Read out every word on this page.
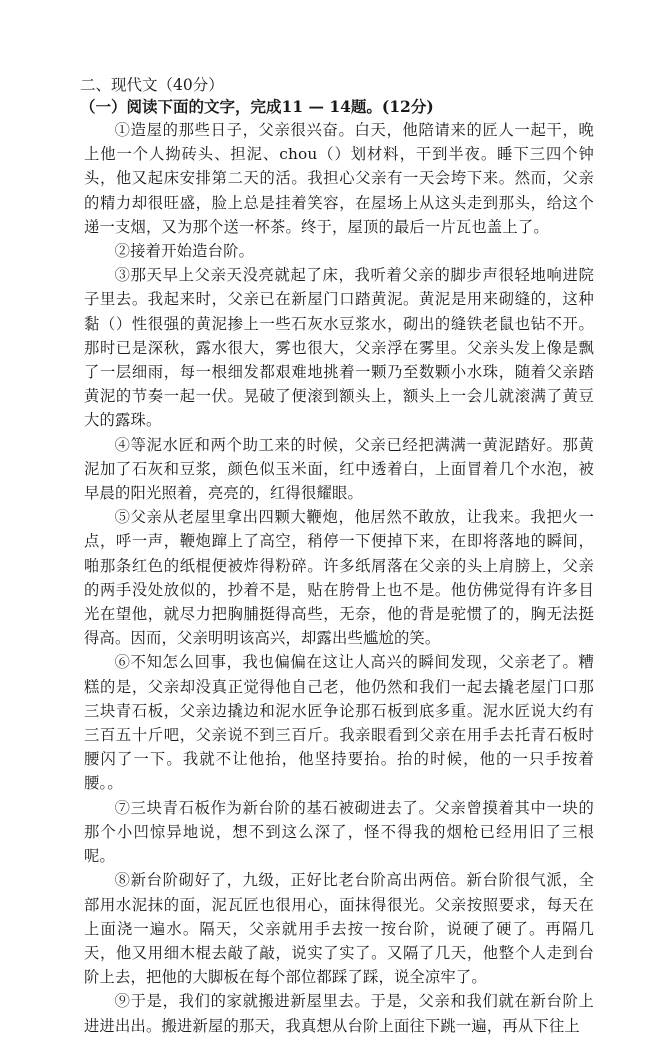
二、现代文（40分）
（一）阅读下面的文字，完成11 — 14题。(12分)

①造屋的那些日子，父亲很兴奋。白天，他陪请来的匠人一起干，晚上他一个人拗砖头、担泥、chou（）划材料，干到半夜。睡下三四个钟头，他又起床安排第二天的活。我担心父亲有一天会垮下来。然而，父亲的精力却很旺盛，脸上总是挂着笑容，在屋场上从这头走到那头，给这个递一支烟，又为那个送一杯茶。终于，屋顶的最后一片瓦也盖上了。

②接着开始造台阶。

③那天早上父亲天没亮就起了床，我听着父亲的脚步声很轻地响进院子里去。我起来时，父亲已在新屋门口踏黄泥。黄泥是用来砌缝的，这种黏（）性很强的黄泥掺上一些石灰水豆浆水，砌出的缝铁老鼠也钻不开。那时已是深秋，露水很大，雾也很大，父亲浮在雾里。父亲头发上像是飘了一层细雨，每一根细发都艰难地挑着一颗乃至数颗小水珠，随着父亲踏黄泥的节奏一起一伏。晃破了便滚到额头上，额头上一会儿就滚满了黄豆大的露珠。

④等泥水匠和两个助工来的时候，父亲已经把满满一黄泥踏好。那黄泥加了石灰和豆浆，颜色似玉米面，红中透着白，上面冒着几个水泡，被早晨的阳光照着，亮亮的，红得很耀眼。

⑤父亲从老屋里拿出四颗大鞭炮，他居然不敢放，让我来。我把火一点，呼一声，鞭炮蹿上了高空，稍停一下便掉下来，在即将落地的瞬间，啪那条红色的纸棍便被炸得粉碎。许多纸屑落在父亲的头上肩膀上，父亲的两手没处放似的，抄着不是，贴在胯骨上也不是。他仿佛觉得有许多目光在望他，就尽力把胸脯挺得高些，无奈，他的背是驼惯了的，胸无法挺得高。因而，父亲明明该高兴，却露出些尴尬的笑。

⑥不知怎么回事，我也偏偏在这让人高兴的瞬间发现，父亲老了。糟糕的是，父亲却没真正觉得他自己老，他仍然和我们一起去撬老屋门口那三块青石板，父亲边撬边和泥水匠争论那石板到底多重。泥水匠说大约有三百五十斤吧，父亲说不到三百斤。我亲眼看到父亲在用手去托青石板时腰闪了一下。我就不让他抬，他坚持要抬。抬的时候，他的一只手按着腰。。

⑦三块青石板作为新台阶的基石被砌进去了。父亲曾摸着其中一块的那个小凹惊异地说，想不到这么深了，怪不得我的烟枪已经用旧了三根呢。

⑧新台阶砌好了，九级，正好比老台阶高出两倍。新台阶很气派，全部用水泥抹的面，泥瓦匠也很用心，面抹得很光。父亲按照要求，每天在上面浇一遍水。隔天，父亲就用手去按一按台阶，说硬了硬了。再隔几天，他又用细木棍去敲了敲，说实了实了。又隔了几天，他整个人走到台阶上去，把他的大脚板在每个部位都踩了踩，说全凉牢了。

⑨于是，我们的家就搬进新屋里去。于是，父亲和我们就在新台阶上进进出出。搬进新屋的那天，我真想从台阶上面往下跳一遍，再从下往上
